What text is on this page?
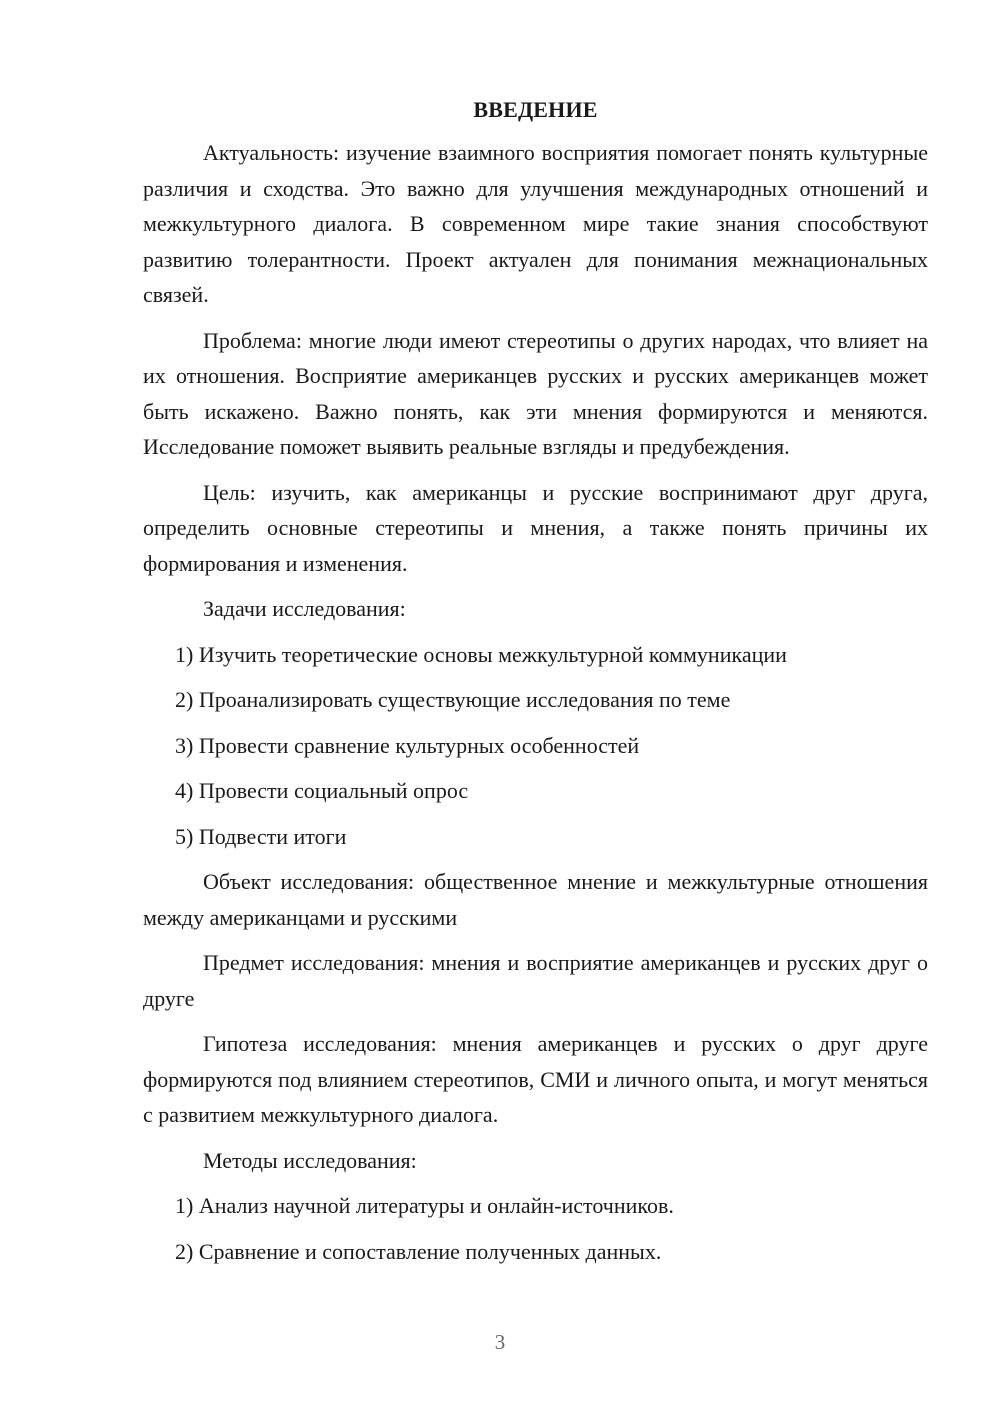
ВВЕДЕНИЕ

Актуальность: изучение взаимного восприятия помогает понять культурные различия и сходства. Это важно для улучшения международных отношений и межкультурного диалога. В современном мире такие знания способствуют развитию толерантности. Проект актуален для понимания межнациональных связей.

Проблема: многие люди имеют стереотипы о других народах, что влияет на их отношения. Восприятие американцев русских и русских американцев может быть искажено. Важно понять, как эти мнения формируются и меняются. Исследование поможет выявить реальные взгляды и предубеждения.

Цель: изучить, как американцы и русские воспринимают друг друга, определить основные стереотипы и мнения, а также понять причины их формирования и изменения.

Задачи исследования:

1) Изучить теоретические основы межкультурной коммуникации
2) Проанализировать существующие исследования по теме
3) Провести сравнение культурных особенностей
4) Провести социальный опрос
5) Подвести итоги

Объект исследования: общественное мнение и межкультурные отношения между американцами и русскими

Предмет исследования: мнения и восприятие американцев и русских друг о друге

Гипотеза исследования: мнения американцев и русских о друг друге формируются под влиянием стереотипов, СМИ и личного опыта, и могут меняться с развитием межкультурного диалога.

Методы исследования:

1) Анализ научной литературы и онлайн-источников.
2) Сравнение и сопоставление полученных данных.
3
